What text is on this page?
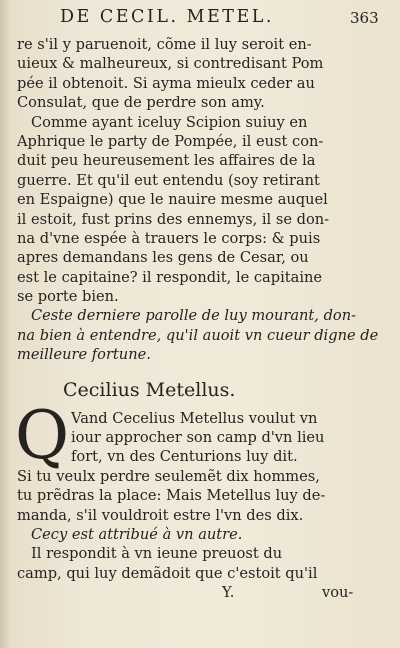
DE CECIL. METEL.	363
re s'il y paruenoit, cõme il luy seroit en-
uieux & malheureux, si contredisant Pom
pée il obtenoit. Si ayma mieulx ceder au
Consulat, que de perdre son amy.
Comme ayant iceluy Scipion suiuy en
Aphrique le party de Pompée, il eust con-
duit peu heureusement les affaires de la
guerre. Et qu'il eut entendu (soy retirant
en Espaigne) que le nauire mesme auquel
il estoit, fust prins des ennemys, il se don-
na d'vne espée à trauers le corps: & puis
apres demandans les gens de Cesar, ou
est le capitaine? il respondit, le capitaine
se porte bien.
Ceste derniere parolle de luy mourant, don-
na bien à entendre, qu'il auoit vn cueur digne de
meilleure fortune.
Cecilius Metellus.
Q Vand Cecelius Metellus voulut vn
iour approcher son camp d'vn lieu
fort, vn des Centurions luy dit.
Si tu veulx perdre seulemẽt dix hommes,
tu prẽdras la place: Mais Metellus luy de-
manda, s'il vouldroit estre l'vn des dix.
Cecy est attribué à vn autre.
Il respondit à vn ieune preuost du
camp, qui luy demãdoit que c'estoit qu'il
Y.	vou-
